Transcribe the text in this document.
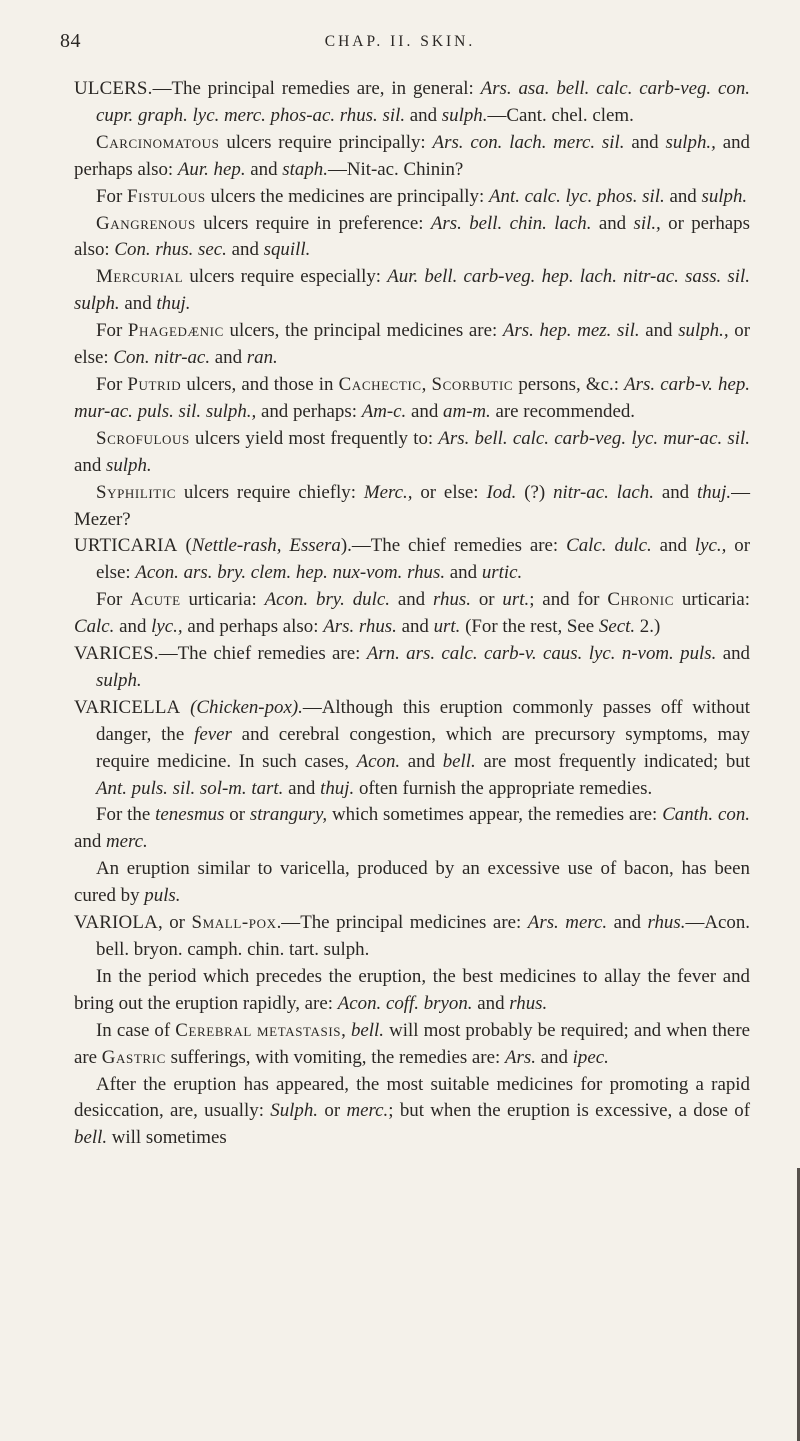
84	CHAP. II. SKIN.

ULCERS.—The principal remedies are, in general: Ars. asa. bell. calc. carb-veg. con. cupr. graph. lyc. merc. phos-ac. rhus. sil. and sulph.—Cant. chel. clem.

Carcinomatous ulcers require principally: Ars. con. lach. merc. sil. and sulph., and perhaps also: Aur. hep. and staph.—Nit-ac. Chinin?

For Fistulous ulcers the medicines are principally: Ant. calc. lyc. phos. sil. and sulph.

Gangrenous ulcers require in preference: Ars. bell. chin. lach. and sil., or perhaps also: Con. rhus. sec. and squill.

Mercurial ulcers require especially: Aur. bell. carb-veg. hep. lach. nitr-ac. sass. sil. sulph. and thuj.

For Phagedænic ulcers, the principal medicines are: Ars. hep. mez. sil. and sulph., or else: Con. nitr-ac. and ran.

For Putrid ulcers, and those in Cachectic, Scorbutic persons, &c.: Ars. carb-v. hep. mur-ac. puls. sil. sulph., and perhaps: Am-c. and am-m. are recommended.

Scrofulous ulcers yield most frequently to: Ars. bell. calc. carb-veg. lyc. mur-ac. sil. and sulph.

Syphilitic ulcers require chiefly: Merc., or else: Iod. (?) nitr-ac. lach. and thuj.—Mezer?

URTICARIA (Nettle-rash, Essera).—The chief remedies are: Calc. dulc. and lyc., or else: Acon. ars. bry. clem. hep. nux-vom. rhus. and urtic.

For Acute urticaria: Acon. bry. dulc. and rhus. or urt.; and for Chronic urticaria: Calc. and lyc., and perhaps also: Ars. rhus. and urt. (For the rest, See Sect. 2.)

VARICES.—The chief remedies are: Arn. ars. calc. carb-v. caus. lyc. n-vom. puls. and sulph.

VARICELLA (Chicken-pox).—Although this eruption commonly passes off without danger, the fever and cerebral congestion, which are precursory symptoms, may require medicine. In such cases, Acon. and bell. are most frequently indicated; but Ant. puls. sil. sol-m. tart. and thuj. often furnish the appropriate remedies.

For the tenesmus or strangury, which sometimes appear, the remedies are: Canth. con. and merc.

An eruption similar to varicella, produced by an excessive use of bacon, has been cured by puls.

VARIOLA, or Small-pox.—The principal medicines are: Ars. merc. and rhus.—Acon. bell. bryon. camph. chin. tart. sulph.

In the period which precedes the eruption, the best medicines to allay the fever and bring out the eruption rapidly, are: Acon. coff. bryon. and rhus.

In case of Cerebral metastasis, bell. will most probably be required; and when there are Gastric sufferings, with vomiting, the remedies are: Ars. and ipec.

After the eruption has appeared, the most suitable medicines for promoting a rapid desiccation, are, usually: Sulph. or merc.; but when the eruption is excessive, a dose of bell. will sometimes
